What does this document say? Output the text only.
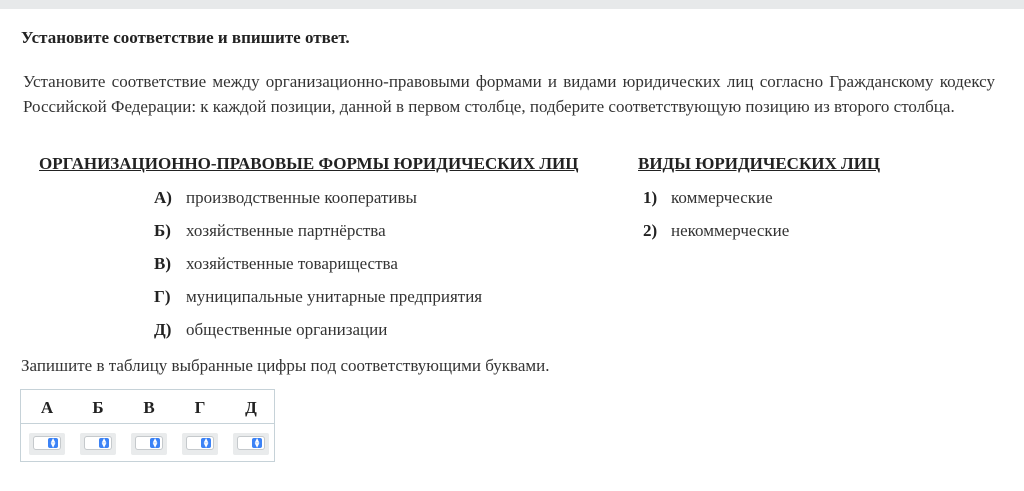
Установите соответствие и впишите ответ.
Установите соответствие между организационно-правовыми формами и видами юридических лиц согласно Гражданскому кодексу Российской Федерации: к каждой позиции, данной в первом столбце, подберите соответствующую позицию из второго столбца.
ОРГАНИЗАЦИОННО-ПРАВОВЫЕ ФОРМЫ ЮРИДИЧЕСКИХ ЛИЦ	ВИДЫ ЮРИДИЧЕСКИХ ЛИЦ
А) производственные кооперативы
Б) хозяйственные партнёрства
В) хозяйственные товарищества
Г) муниципальные унитарные предприятия
Д) общественные организации
1) коммерческие
2) некоммерческие
Запишите в таблицу выбранные цифры под соответствующими буквами.
А	Б	В	Г	Д
▲
▼
▲
▼
▲
▼
▲
▼
▲
▼
